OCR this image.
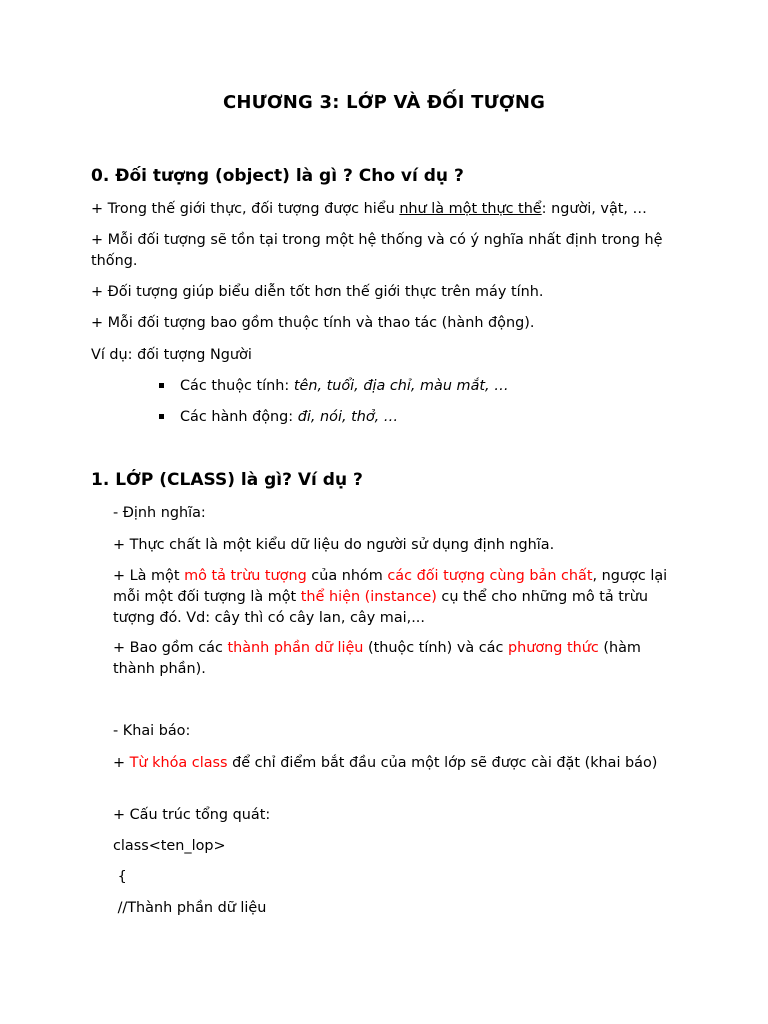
CHƯƠNG 3: LỚP VÀ ĐỐI TƯỢNG
0. Đối tượng (object) là gì ? Cho ví dụ ?

+ Trong thế giới thực, đối tượng được hiểu như là một thực thể: người, vật, …

+ Mỗi đối tượng sẽ tồn tại trong một hệ thống và có ý nghĩa nhất định trong hệ thống.

+ Đối tượng giúp biểu diễn tốt hơn thế giới thực trên máy tính.

+ Mỗi đối tượng bao gồm thuộc tính và thao tác (hành động).

Ví dụ: đối tượng Người

Các thuộc tính: tên, tuổi, địa chỉ, màu mắt, …
Các hành động: đi, nói, thở, …
1. LỚP (CLASS) là gì? Ví dụ ?

- Định nghĩa:

+ Thực chất là một kiểu dữ liệu do người sử dụng định nghĩa.

+ Là một mô tả trừu tượng của nhóm các đối tượng cùng bản chất, ngược lại mỗi một đối tượng là một thể hiện (instance) cụ thể cho những mô tả trừu tượng đó. Vd: cây thì có cây lan, cây mai,...

+ Bao gồm các thành phần dữ liệu (thuộc tính) và các phương thức (hàm thành phần).

- Khai báo:

+ Từ khóa class để chỉ điểm bắt đầu của một lớp sẽ được cài đặt (khai báo)

+ Cấu trúc tổng quát:

class<ten_lop>

{

//Thành phần dữ liệu
